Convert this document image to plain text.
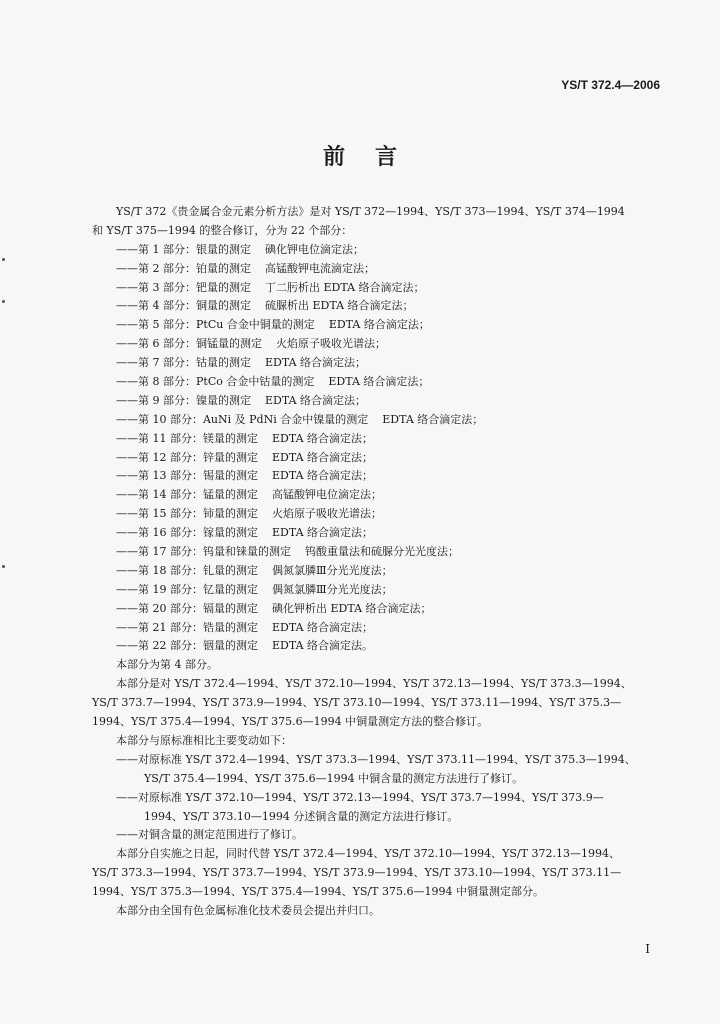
YS/T 372.4—2006
前言
YS/T 372《贵金属合金元素分析方法》是对 YS/T 372—1994、YS/T 373—1994、YS/T 374—1994
和 YS/T 375—1994 的整合修订，分为 22 个部分：
——第 1 部分：银量的测定 碘化钾电位滴定法；
——第 2 部分：铂量的测定 高锰酸钾电流滴定法；
——第 3 部分：钯量的测定 丁二肟析出 EDTA 络合滴定法；
——第 4 部分：铜量的测定 硫脲析出 EDTA 络合滴定法；
——第 5 部分：PtCu 合金中铜量的测定 EDTA 络合滴定法；
——第 6 部分：铜锰量的测定 火焰原子吸收光谱法；
——第 7 部分：钴量的测定 EDTA 络合滴定法；
——第 8 部分：PtCo 合金中钴量的测定 EDTA 络合滴定法；
——第 9 部分：镍量的测定 EDTA 络合滴定法；
——第 10 部分：AuNi 及 PdNi 合金中镍量的测定 EDTA 络合滴定法；
——第 11 部分：镁量的测定 EDTA 络合滴定法；
——第 12 部分：锌量的测定 EDTA 络合滴定法；
——第 13 部分：锡量的测定 EDTA 络合滴定法；
——第 14 部分：锰量的测定 高锰酸钾电位滴定法；
——第 15 部分：铈量的测定 火焰原子吸收光谱法；
——第 16 部分：镓量的测定 EDTA 络合滴定法；
——第 17 部分：钨量和铼量的测定 钨酸重量法和硫脲分光光度法；
——第 18 部分：钆量的测定 偶氮氯膦Ⅲ分光光度法；
——第 19 部分：钇量的测定 偶氮氯膦Ⅲ分光光度法；
——第 20 部分：镉量的测定 碘化钾析出 EDTA 络合滴定法；
——第 21 部分：锆量的测定 EDTA 络合滴定法；
——第 22 部分：铟量的测定 EDTA 络合滴定法。
本部分为第 4 部分。
本部分是对 YS/T 372.4—1994、YS/T 372.10—1994、YS/T 372.13—1994、YS/T 373.3—1994、
YS/T 373.7—1994、YS/T 373.9—1994、YS/T 373.10—1994、YS/T 373.11—1994、YS/T 375.3—
1994、YS/T 375.4—1994、YS/T 375.6—1994 中铜量测定方法的整合修订。
本部分与原标准相比主要变动如下：
——对原标准 YS/T 372.4—1994、YS/T 373.3—1994、YS/T 373.11—1994、YS/T 375.3—1994、
YS/T 375.4—1994、YS/T 375.6—1994 中铜含量的测定方法进行了修订。
——对原标准 YS/T 372.10—1994、YS/T 372.13—1994、YS/T 373.7—1994、YS/T 373.9—
1994、YS/T 373.10—1994 分述铜含量的测定方法进行修订。
——对铜含量的测定范围进行了修订。
本部分自实施之日起，同时代替 YS/T 372.4—1994、YS/T 372.10—1994、YS/T 372.13—1994、
YS/T 373.3—1994、YS/T 373.7—1994、YS/T 373.9—1994、YS/T 373.10—1994、YS/T 373.11—
1994、YS/T 375.3—1994、YS/T 375.4—1994、YS/T 375.6—1994 中铜量测定部分。
本部分由全国有色金属标准化技术委员会提出并归口。
I
